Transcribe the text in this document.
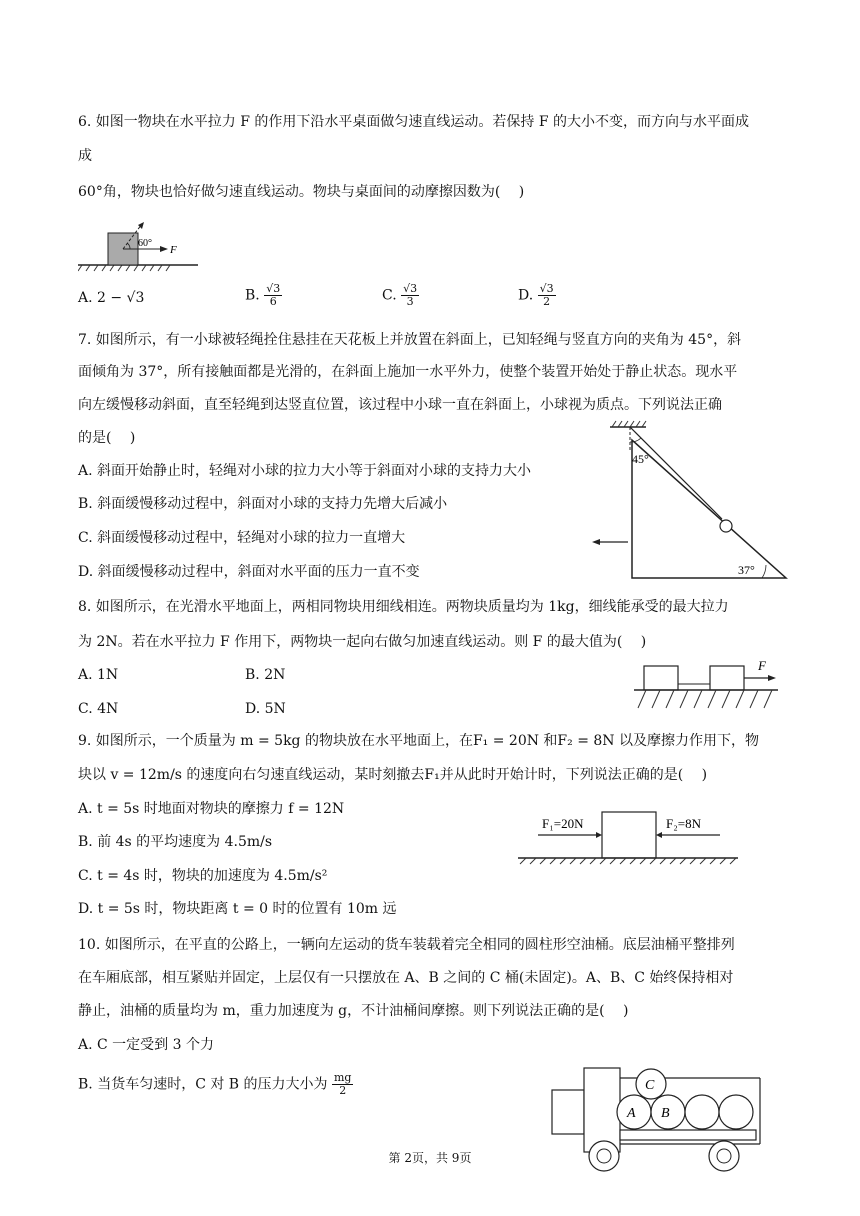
6. 如图一物块在水平拉力 F 的作用下沿水平桌面做匀速直线运动。若保持 F 的大小不变，而方向与水平面成
成
60°角，物块也恰好做匀速直线运动。物块与桌面间的动摩擦因数为(　 )
60°
F
A. 2 − √3	B. $\frac{√3}{6}$	C. $\frac{√3}{3}$	D. $\frac{√3}{2}$
7. 如图所示，有一小球被轻绳拴住悬挂在天花板上并放置在斜面上，已知轻绳与竖直方向的夹角为 45°，斜
面倾角为 37°，所有接触面都是光滑的，在斜面上施加一水平外力，使整个装置开始处于静止状态。现水平
向左缓慢移动斜面，直至轻绳到达竖直位置，该过程中小球一直在斜面上，小球视为质点。下列说法正确
的是(　 )
A. 斜面开始静止时，轻绳对小球的拉力大小等于斜面对小球的支持力大小
B. 斜面缓慢移动过程中，斜面对小球的支持力先增大后减小
C. 斜面缓慢移动过程中，轻绳对小球的拉力一直增大
D. 斜面缓慢移动过程中，斜面对水平面的压力一直不变
45°
37°
8. 如图所示，在光滑水平地面上，两相同物块用细线相连。两物块质量均为 1kg，细线能承受的最大拉力
为 2N。若在水平拉力 F 作用下，两物块一起向右做匀加速直线运动。则 F 的最大值为(　 )
A. 1N	B. 2N
C. 4N	D. 5N
F
9. 如图所示，一个质量为 m = 5kg 的物块放在水平地面上，在F₁ = 20N 和F₂ = 8N 以及摩擦力作用下，物
块以 v = 12m/s 的速度向右匀速直线运动，某时刻撤去F₁并从此时开始计时，下列说法正确的是(　 )
A. t = 5s 时地面对物块的摩擦力 f = 12N
B. 前 4s 的平均速度为 4.5m/s
C. t = 4s 时，物块的加速度为 4.5m/s²
D. t = 5s 时，物块距离 t = 0 时的位置有 10m 远
F₁=20N	F₂=8N
10. 如图所示，在平直的公路上，一辆向左运动的货车装载着完全相同的圆柱形空油桶。底层油桶平整排列
在车厢底部，相互紧贴并固定，上层仅有一只摆放在 A、B 之间的 C 桶(未固定)。A、B、C 始终保持相对
静止，油桶的质量均为 m，重力加速度为 g，不计油桶间摩擦。则下列说法正确的是(　 )
A. C 一定受到 3 个力
B. 当货车匀速时，C 对 B 的压力大小为 $\frac{mg}{2}$
A B
C
第 2页，共 9页
